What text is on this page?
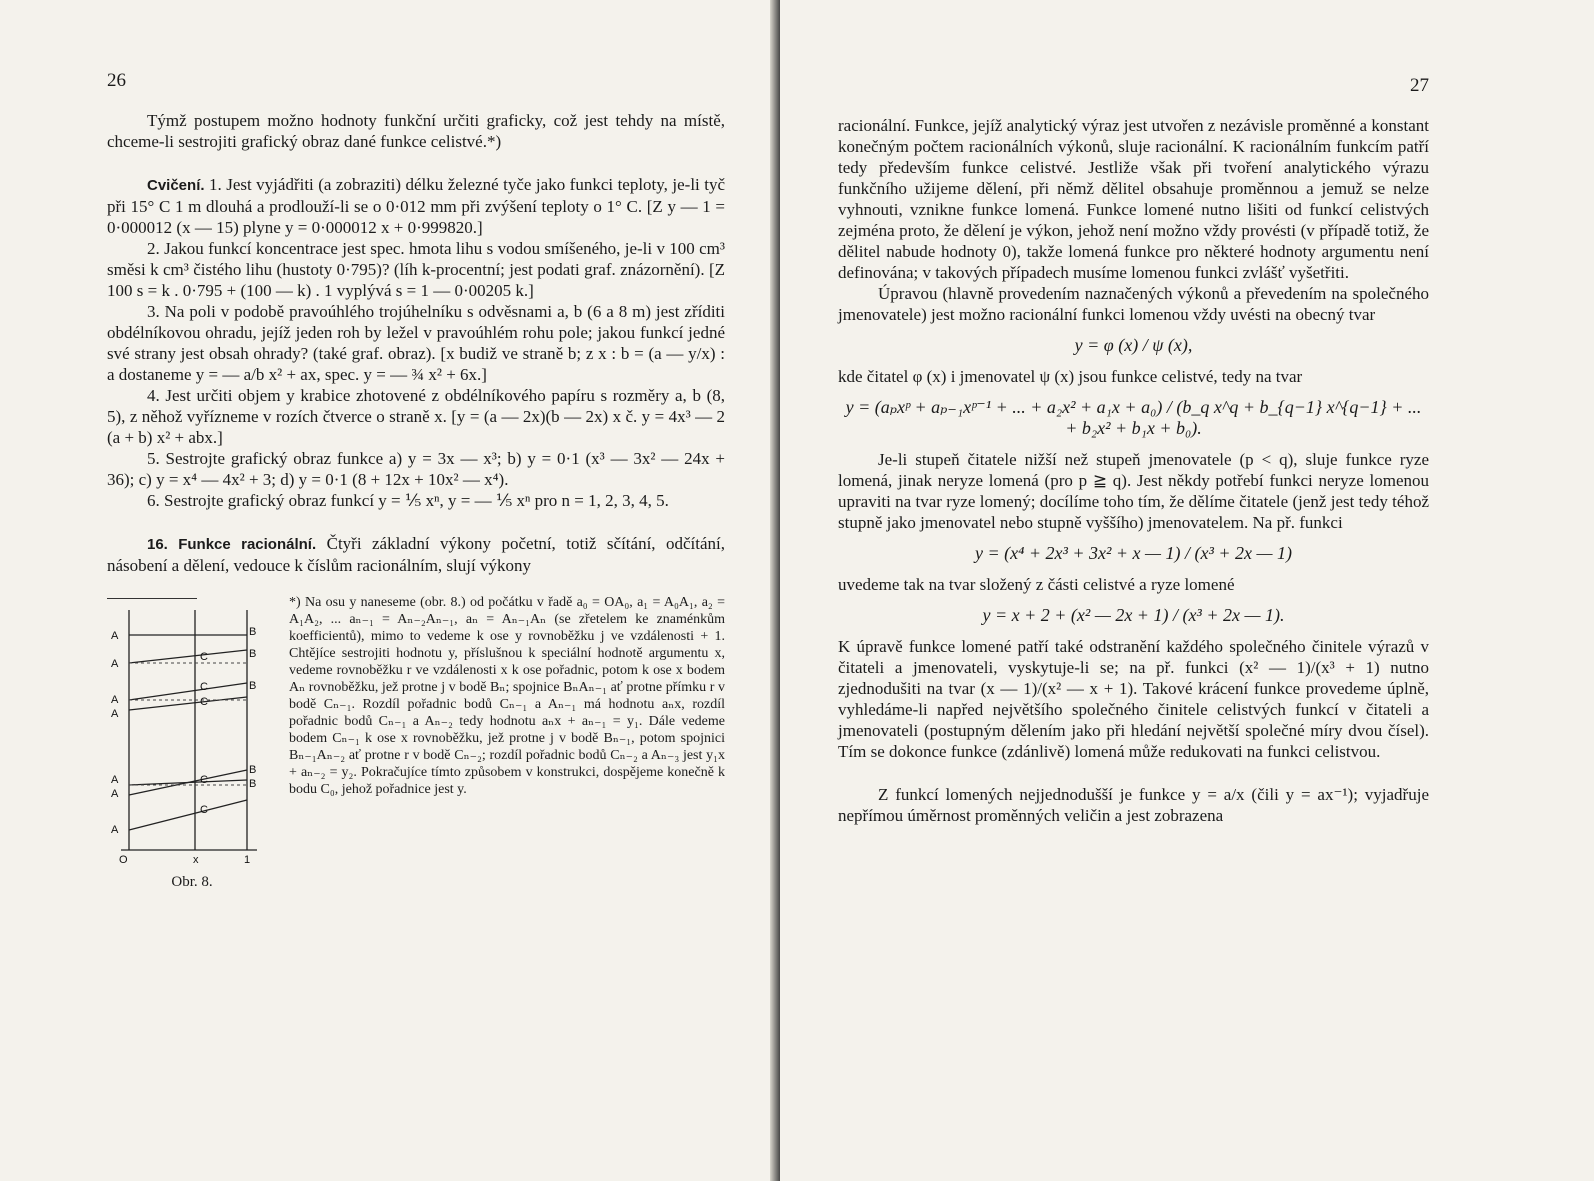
26

Týmž postupem možno hodnoty funkční určiti graficky, což jest tehdy na místě, chceme-li sestrojiti grafický obraz dané funkce celistvé.*)

Cvičení. 1. Jest vyjádřiti (a zobraziti) délku železné tyče jako funkci teploty, je-li tyč při 15° C 1 m dlouhá a prodlouží-li se o 0·012 mm při zvýšení teploty o 1° C. [Z y — 1 = 0·000012 (x — 15) plyne y = 0·000012 x + 0·999820.]

2. Jakou funkcí koncentrace jest spec. hmota lihu s vodou smíšeného, je-li v 100 cm³ směsi k cm³ čistého lihu (hustoty 0·795)? (líh k-procentní; jest podati graf. znázornění). [Z 100 s = k . 0·795 + (100 — k) . 1 vyplývá s = 1 — 0·00205 k.]

3. Na poli v podobě pravoúhlého trojúhelníku s odvěsnami a, b (6 a 8 m) jest zříditi obdélníkovou ohradu, jejíž jeden roh by ležel v pravoúhlém rohu pole; jakou funkcí jedné své strany jest obsah ohrady? (také graf. obraz). [x budiž ve straně b; z x : b = (a — y/x) : a dostaneme y = — a/b x² + ax, spec. y = — ¾ x² + 6x.]

4. Jest určiti objem y krabice zhotovené z obdélníkového papíru s rozměry a, b (8, 5), z něhož vyřízneme v rozích čtverce o straně x. [y = (a — 2x)(b — 2x) x č. y = 4x³ — 2 (a + b) x² + abx.]

5. Sestrojte grafický obraz funkce a) y = 3x — x³; b) y = 0·1 (x³ — 3x² — 24x + 36); c) y = x⁴ — 4x² + 3; d) y = 0·1 (8 + 12x + 10x² — x⁴).

6. Sestrojte grafický obraz funkcí y = ⅕ xⁿ, y = — ⅕ xⁿ pro n = 1, 2, 3, 4, 5.

16. Funkce racionální. Čtyři základní výkony početní, totiž sčítání, odčítání, násobení a dělení, vedouce k číslům racionálním, slují výkony

A
A
A
A
A
A
A
B
B
B
B
B
C
C
C
C
C
O	x	1
Obr. 8.
*) Na osu y naneseme (obr. 8.) od počátku v řadě a₀ = OA₀, a₁ = A₀A₁, a₂ = A₁A₂, ... aₙ₋₁ = Aₙ₋₂Aₙ₋₁, aₙ = Aₙ₋₁Aₙ (se zřetelem ke znaménkům koefficientů), mimo to vedeme k ose y rovnoběžku j ve vzdálenosti + 1. Chtějíce sestrojiti hodnotu y, příslušnou k speciální hodnotě argumentu x, vedeme rovnoběžku r ve vzdálenosti x k ose pořadnic, potom k ose x bodem Aₙ rovnoběžku, jež protne j v bodě Bₙ; spojnice BₙAₙ₋₁ ať protne přímku r v bodě Cₙ₋₁. Rozdíl pořadnic bodů Cₙ₋₁ a Aₙ₋₁ má hodnotu aₙx, rozdíl pořadnic bodů Cₙ₋₁ a Aₙ₋₂ tedy hodnotu aₙx + aₙ₋₁ = y₁. Dále vedeme bodem Cₙ₋₁ k ose x rovnoběžku, jež protne j v bodě Bₙ₋₁, potom spojnici Bₙ₋₁Aₙ₋₂ ať protne r v bodě Cₙ₋₂; rozdíl pořadnic bodů Cₙ₋₂ a Aₙ₋₃ jest y₁x + aₙ₋₂ = y₂. Pokračujíce tímto způsobem v konstrukci, dospějeme konečně k bodu C₀, jehož pořadnice jest y.
27

racionální. Funkce, jejíž analytický výraz jest utvořen z nezávisle proměnné a konstant konečným počtem racionálních výkonů, sluje racionální. K racionálním funkcím patří tedy především funkce celistvé. Jestliže však při tvoření analytického výrazu funkčního užijeme dělení, při němž dělitel obsahuje proměnnou a jemuž se nelze vyhnouti, vznikne funkce lomená. Funkce lomené nutno lišiti od funkcí celistvých zejména proto, že dělení je výkon, jehož není možno vždy provésti (v případě totiž, že dělitel nabude hodnoty 0), takže lomená funkce pro některé hodnoty argumentu není definována; v takových případech musíme lomenou funkci zvlášť vyšetřiti.

Úpravou (hlavně provedením naznačených výkonů a převedením na společného jmenovatele) jest možno racionální funkci lomenou vždy uvésti na obecný tvar

y = φ (x) / ψ (x),

kde čitatel φ (x) i jmenovatel ψ (x) jsou funkce celistvé, tedy na tvar

y = (aₚxᵖ + aₚ₋₁xᵖ⁻¹ + ... + a₂x² + a₁x + a₀) / (b_q x^q + b_{q−1} x^{q−1} + ... + b₂x² + b₁x + b₀).

Je-li stupeň čitatele nižší než stupeň jmenovatele (p < q), sluje funkce ryze lomená, jinak neryze lomená (pro p ≧ q). Jest někdy potřebí funkci neryze lomenou upraviti na tvar ryze lomený; docílíme toho tím, že dělíme čitatele (jenž jest tedy téhož stupně jako jmenovatel nebo stupně vyššího) jmenovatelem. Na př. funkci

y = (x⁴ + 2x³ + 3x² + x — 1) / (x³ + 2x — 1)

uvedeme tak na tvar složený z části celistvé a ryze lomené

y = x + 2 + (x² — 2x + 1) / (x³ + 2x — 1).

K úpravě funkce lomené patří také odstranění každého společného činitele výrazů v čitateli a jmenovateli, vyskytuje-li se; na př. funkci (x² — 1)/(x³ + 1) nutno zjednodušiti na tvar (x — 1)/(x² — x + 1). Takové krácení funkce provedeme úplně, vyhledáme-li napřed největšího společného činitele celistvých funkcí v čitateli a jmenovateli (postupným dělením jako při hledání největší společné míry dvou čísel). Tím se dokonce funkce (zdánlivě) lomená může redukovati na funkci celistvou.

Z funkcí lomených nejjednodušší je funkce y = a/x (čili y = ax⁻¹); vyjadřuje nepřímou úměrnost proměnných veličin a jest zobrazena
